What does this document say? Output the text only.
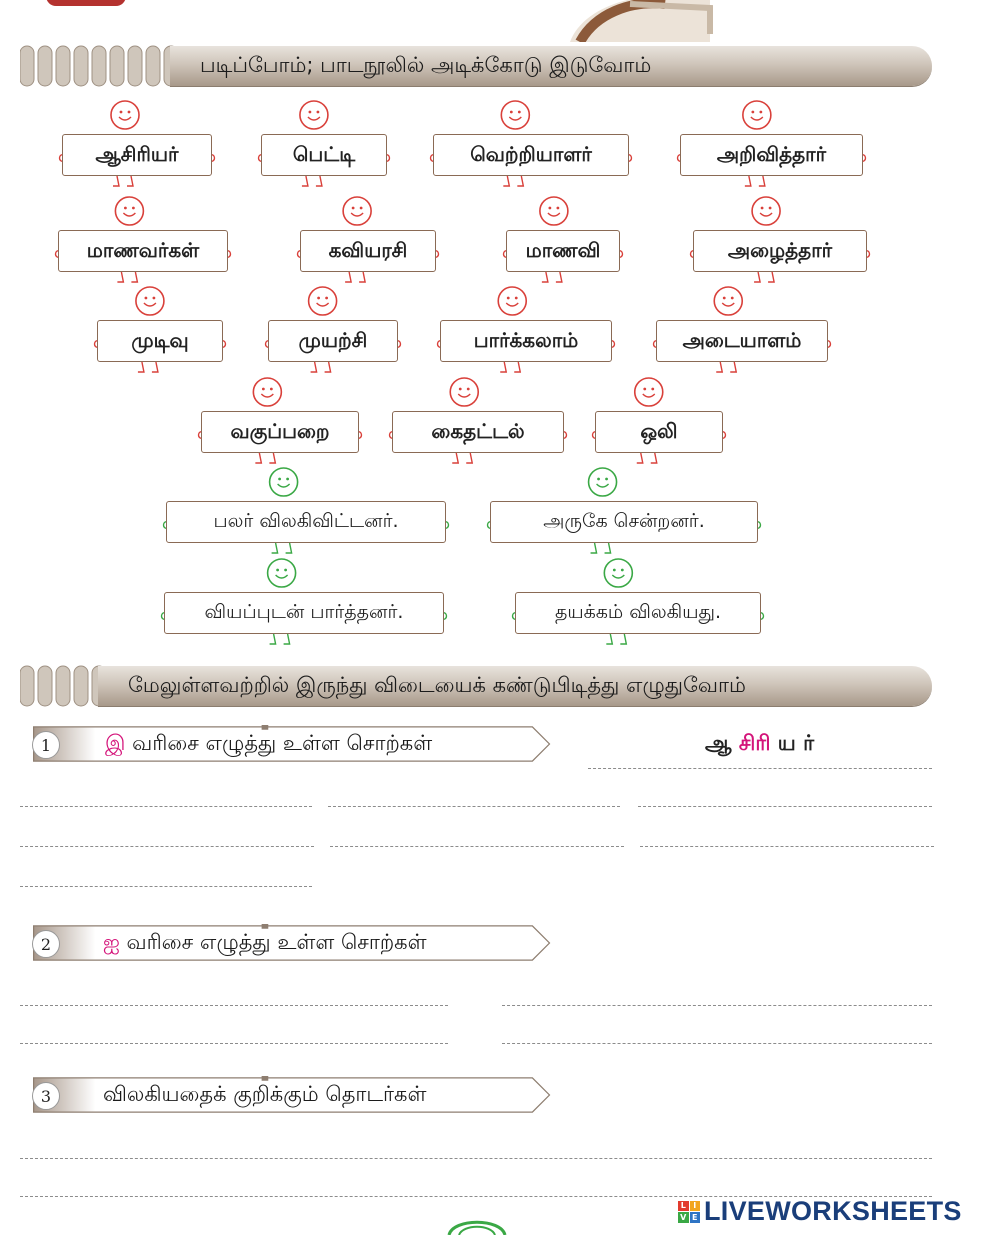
படிப்போம்; பாடநூலில் அடிக்கோடு இடுவோம்
ஆசிரியர்	பெட்டி	வெற்றியாளர்	அறிவித்தார்
மாணவர்கள்	கவியரசி	மாணவி	அழைத்தார்
முடிவு	முயற்சி	பார்க்கலாம்	அடையாளம்
வகுப்பறை	கைதட்டல்	ஒலி
பலர் விலகிவிட்டனர்.	அருகே சென்றனர்.
வியப்புடன் பார்த்தனர்.	தயக்கம் விலகியது.
மேலுள்ளவற்றில் இருந்து விடையைக் கண்டுபிடித்து எழுதுவோம்
1	இ வரிசை எழுத்து உள்ள சொற்கள்	ஆ சிரி ய ர்
2	ஐ வரிசை எழுத்து உள்ள சொற்கள்
3	விலகியதைக் குறிக்கும் தொடர்கள்
L I
V E LIVEWORKSHEETS
